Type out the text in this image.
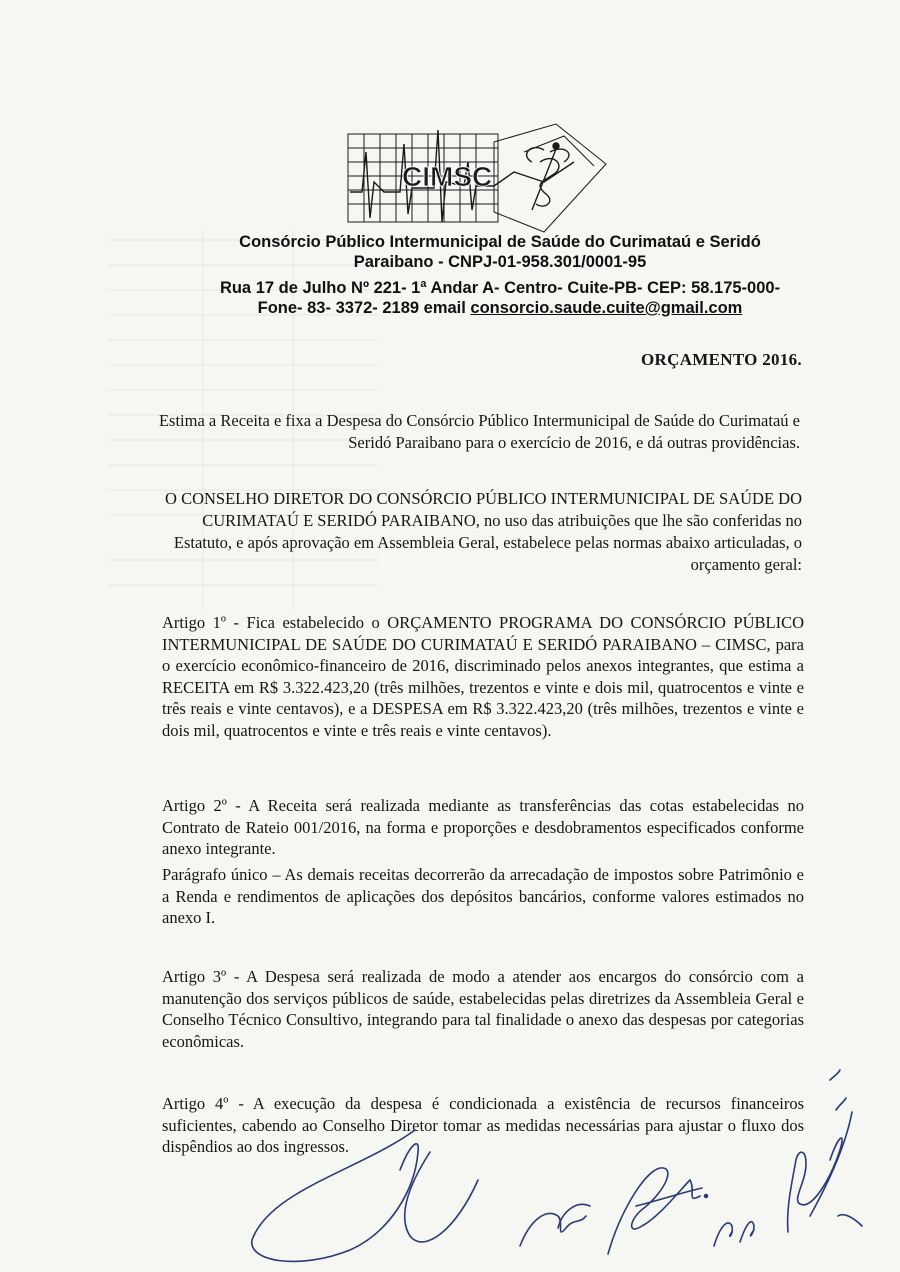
CIMSC
Consórcio Público Intermunicipal de Saúde do Curimataú e Seridó
Paraibano - CNPJ-01-958.301/0001-95
Rua 17 de Julho Nº 221- 1ª Andar A- Centro- Cuite-PB- CEP: 58.175-000-
Fone- 83- 3372- 2189 email consorcio.saude.cuite@gmail.com
ORÇAMENTO 2016.
Estima a Receita e fixa a Despesa do Consórcio Público Intermunicipal de Saúde do Curimataú e Seridó Paraibano para o exercício de 2016, e dá outras providências.
O CONSELHO DIRETOR DO CONSÓRCIO PÚBLICO INTERMUNICIPAL DE SAÚDE DO CURIMATAÚ E SERIDÓ PARAIBANO, no uso das atribuições que lhe são conferidas no Estatuto, e após aprovação em Assembleia Geral, estabelece pelas normas abaixo articuladas, o orçamento geral:
Artigo 1º - Fica estabelecido o ORÇAMENTO PROGRAMA DO CONSÓRCIO PÚBLICO INTERMUNICIPAL DE SAÚDE DO CURIMATAÚ E SERIDÓ PARAIBANO – CIMSC, para o exercício econômico-financeiro de 2016, discriminado pelos anexos integrantes, que estima a RECEITA em R$ 3.322.423,20 (três milhões, trezentos e vinte e dois mil, quatrocentos e vinte e três reais e vinte centavos), e a DESPESA em R$ 3.322.423,20 (três milhões, trezentos e vinte e dois mil, quatrocentos e vinte e três reais e vinte centavos).
Artigo 2º - A Receita será realizada mediante as transferências das cotas estabelecidas no Contrato de Rateio 001/2016, na forma e proporções e desdobramentos especificados conforme anexo integrante.
Parágrafo único – As demais receitas decorrerão da arrecadação de impostos sobre Patrimônio e a Renda e rendimentos de aplicações dos depósitos bancários, conforme valores estimados no anexo I.
Artigo 3º - A Despesa será realizada de modo a atender aos encargos do consórcio com a manutenção dos serviços públicos de saúde, estabelecidas pelas diretrizes da Assembleia Geral e Conselho Técnico Consultivo, integrando para tal finalidade o anexo das despesas por categorias econômicas.
Artigo 4º - A execução da despesa é condicionada a existência de recursos financeiros suficientes, cabendo ao Conselho Diretor tomar as medidas necessárias para ajustar o fluxo dos dispêndios ao dos ingressos.
